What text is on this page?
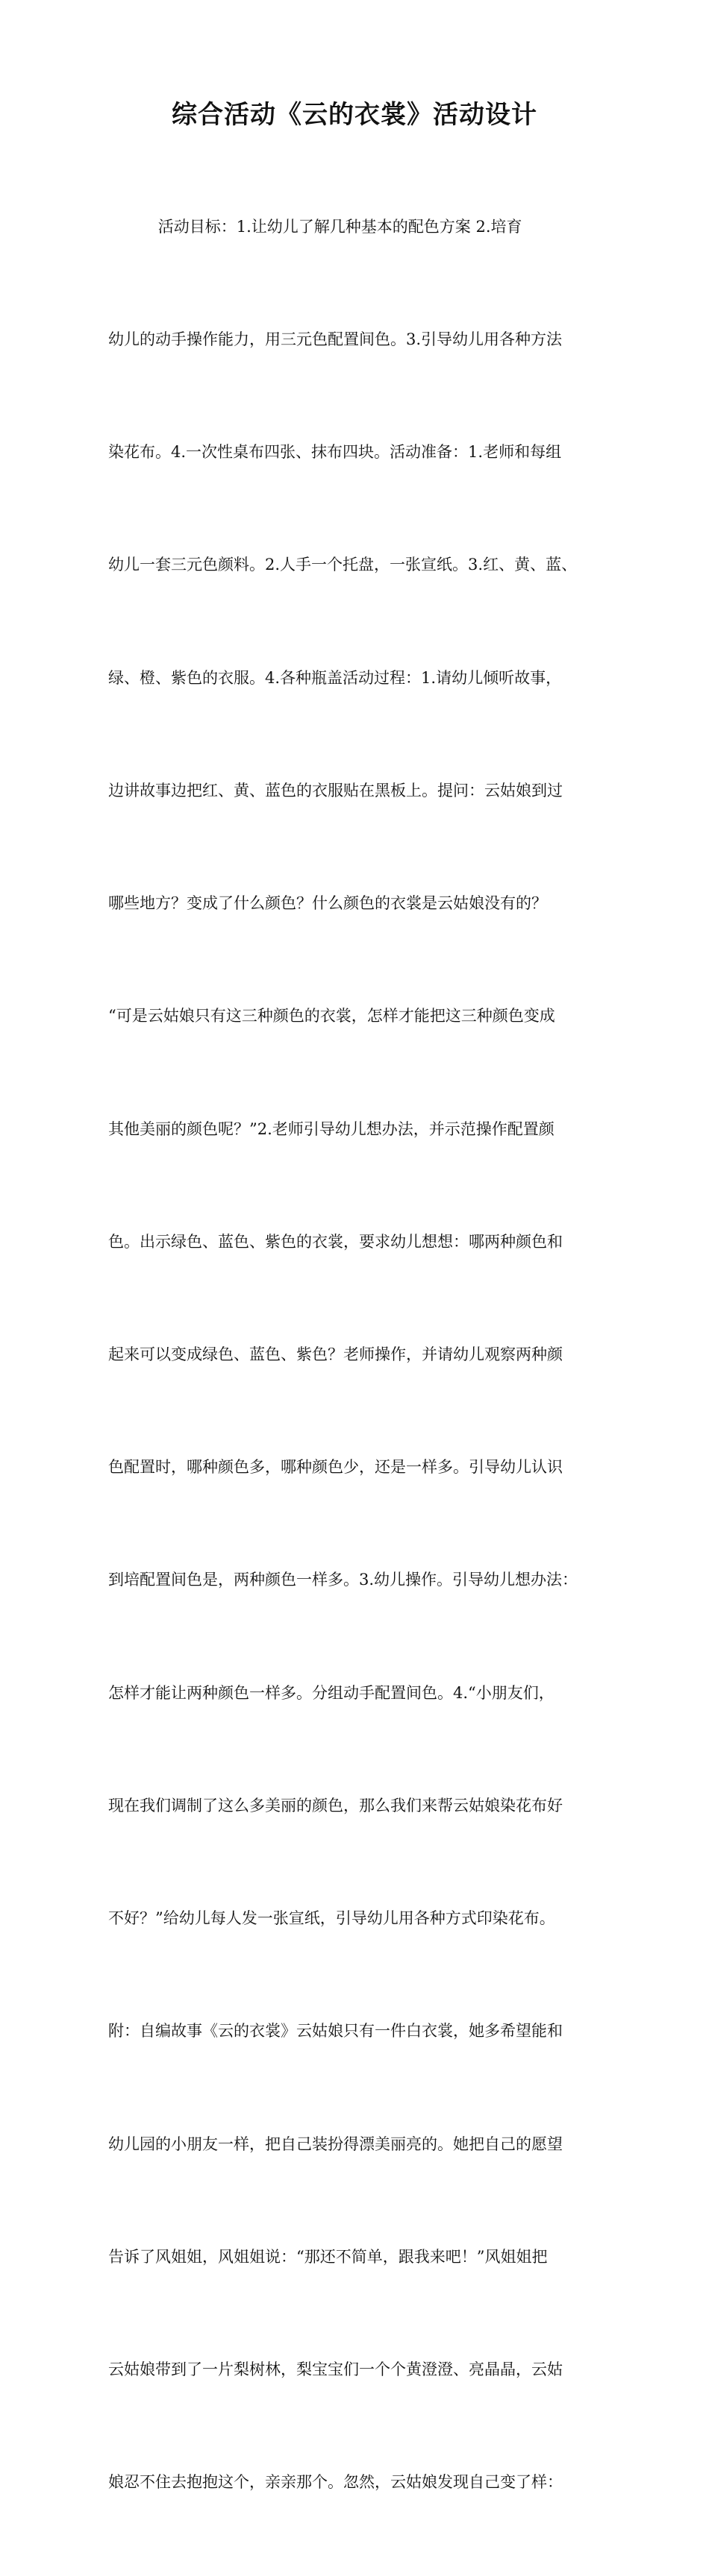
综合活动《云的衣裳》活动设计

活动目标：1.让幼儿了解几种基本的配色方案 2.培育

幼儿的动手操作能力，用三元色配置间色。3.引导幼儿用各种方法

染花布。4.一次性桌布四张、抹布四块。活动准备：1.老师和每组

幼儿一套三元色颜料。2.人手一个托盘，一张宣纸。3.红、黄、蓝、

绿、橙、紫色的衣服。4.各种瓶盖活动过程：1.请幼儿倾听故事，

边讲故事边把红、黄、蓝色的衣服贴在黑板上。提问：云姑娘到过

哪些地方？变成了什么颜色？什么颜色的衣裳是云姑娘没有的？

“可是云姑娘只有这三种颜色的衣裳，怎样才能把这三种颜色变成

其他美丽的颜色呢？”2.老师引导幼儿想办法，并示范操作配置颜

色。出示绿色、蓝色、紫色的衣裳，要求幼儿想想：哪两种颜色和

起来可以变成绿色、蓝色、紫色？老师操作，并请幼儿观察两种颜

色配置时，哪种颜色多，哪种颜色少，还是一样多。引导幼儿认识

到培配置间色是，两种颜色一样多。3.幼儿操作。引导幼儿想办法：

怎样才能让两种颜色一样多。分组动手配置间色。4.“小朋友们，

现在我们调制了这么多美丽的颜色，那么我们来帮云姑娘染花布好

不好？”给幼儿每人发一张宣纸，引导幼儿用各种方式印染花布。

附：自编故事《云的衣裳》云姑娘只有一件白衣裳，她多希望能和

幼儿园的小朋友一样，把自己装扮得漂美丽亮的。她把自己的愿望

告诉了风姐姐，风姐姐说：“那还不简单，跟我来吧！”风姐姐把

云姑娘带到了一片梨树林，梨宝宝们一个个黄澄澄、亮晶晶，云姑

娘忍不住去抱抱这个，亲亲那个。忽然，云姑娘发现自己变了样：
